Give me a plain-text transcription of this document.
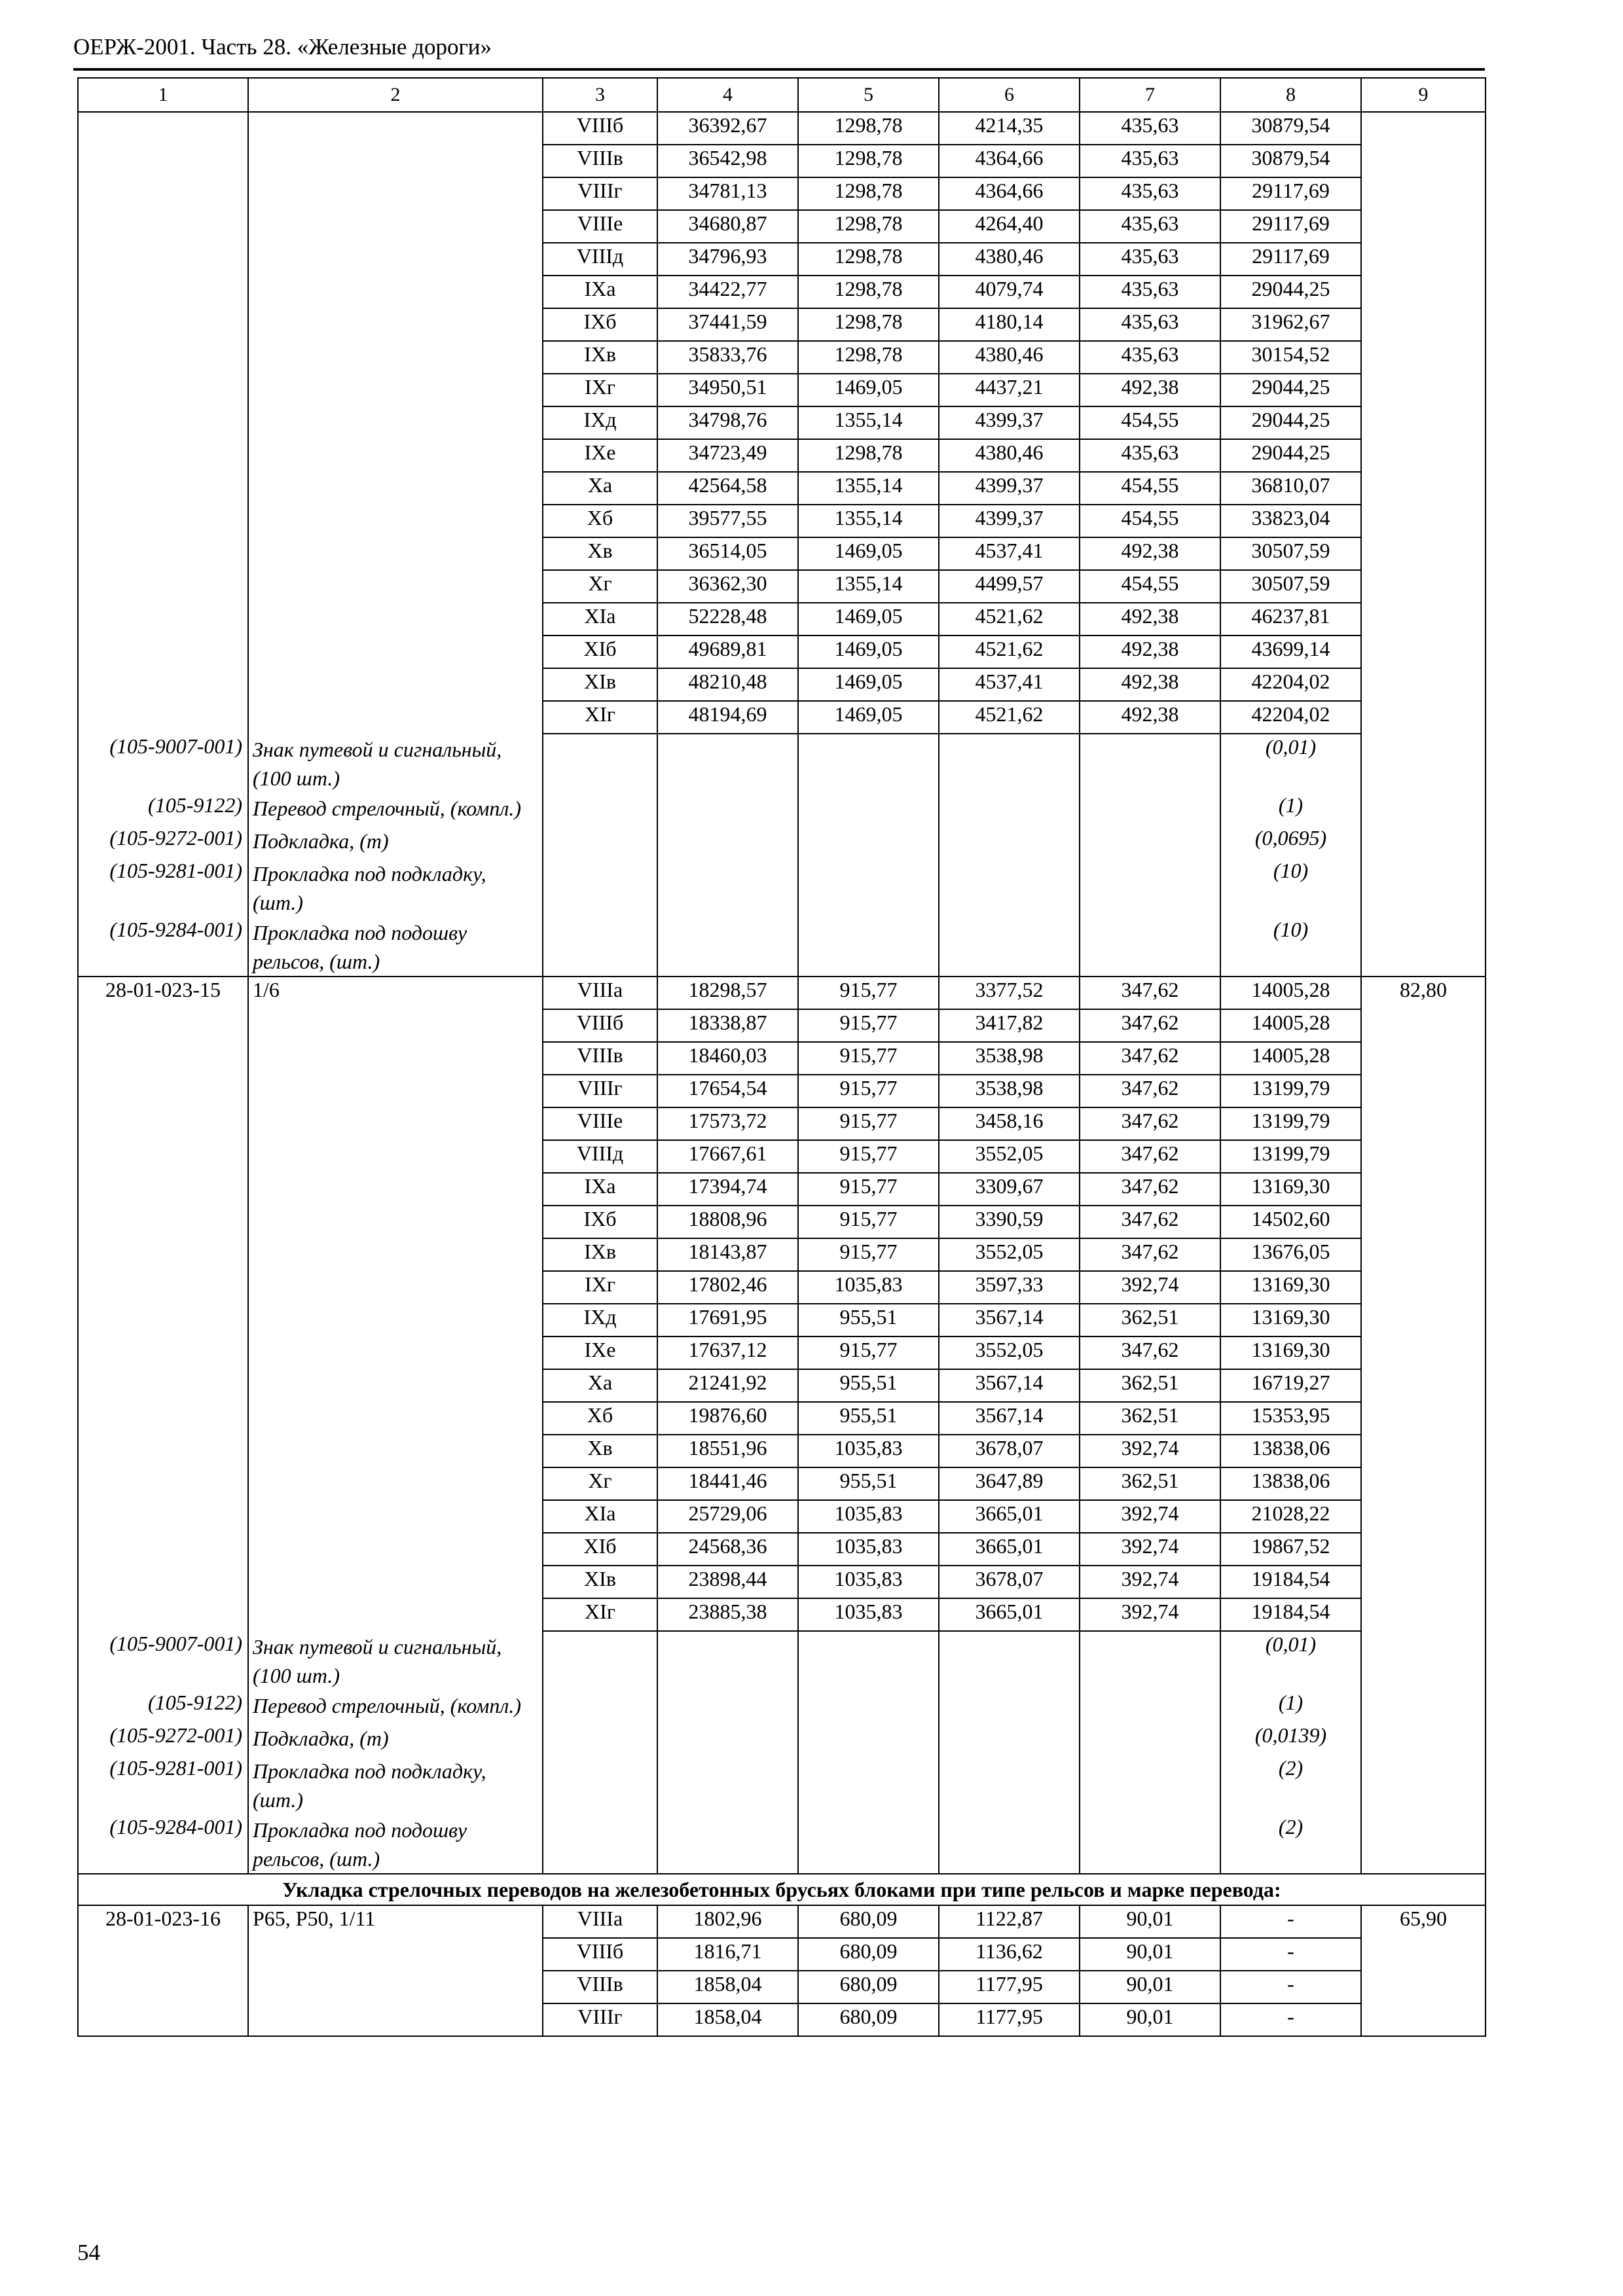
ОЕРЖ-2001. Часть 28. «Железные дороги»
1	2	3	4	5	6	7	8	9
		VIIIб	36392,67	1298,78	4214,35	435,63	30879,54	
		VIIIв	36542,98	1298,78	4364,66	435,63	30879,54	
		VIIIг	34781,13	1298,78	4364,66	435,63	29117,69	
		VIIIе	34680,87	1298,78	4264,40	435,63	29117,69	
		VIIIд	34796,93	1298,78	4380,46	435,63	29117,69	
		IXа	34422,77	1298,78	4079,74	435,63	29044,25	
		IXб	37441,59	1298,78	4180,14	435,63	31962,67	
		IXв	35833,76	1298,78	4380,46	435,63	30154,52	
		IXг	34950,51	1469,05	4437,21	492,38	29044,25	
		IXд	34798,76	1355,14	4399,37	454,55	29044,25	
		IXе	34723,49	1298,78	4380,46	435,63	29044,25	
		Xа	42564,58	1355,14	4399,37	454,55	36810,07	
		Xб	39577,55	1355,14	4399,37	454,55	33823,04	
		Xв	36514,05	1469,05	4537,41	492,38	30507,59	
		Xг	36362,30	1355,14	4499,57	454,55	30507,59	
		XIа	52228,48	1469,05	4521,62	492,38	46237,81	
		XIб	49689,81	1469,05	4521,62	492,38	43699,14	
		XIв	48210,48	1469,05	4537,41	492,38	42204,02	
		XIг	48194,69	1469,05	4521,62	492,38	42204,02	
(105-9007-001)	Знак путевой и сигнальный, (100 шт.)						(0,01)	
(105-9122)	Перевод стрелочный, (компл.)						(1)	
(105-9272-001)	Подкладка, (т)						(0,0695)	
(105-9281-001)	Прокладка под подкладку, (шт.)						(10)	
(105-9284-001)	Прокладка под подошву рельсов, (шт.)						(10)	
28-01-023-15	1/6	VIIIа	18298,57	915,77	3377,52	347,62	14005,28	82,80
		VIIIб	18338,87	915,77	3417,82	347,62	14005,28	
		VIIIв	18460,03	915,77	3538,98	347,62	14005,28	
		VIIIг	17654,54	915,77	3538,98	347,62	13199,79	
		VIIIе	17573,72	915,77	3458,16	347,62	13199,79	
		VIIIд	17667,61	915,77	3552,05	347,62	13199,79	
		IXа	17394,74	915,77	3309,67	347,62	13169,30	
		IXб	18808,96	915,77	3390,59	347,62	14502,60	
		IXв	18143,87	915,77	3552,05	347,62	13676,05	
		IXг	17802,46	1035,83	3597,33	392,74	13169,30	
		IXд	17691,95	955,51	3567,14	362,51	13169,30	
		IXе	17637,12	915,77	3552,05	347,62	13169,30	
		Xа	21241,92	955,51	3567,14	362,51	16719,27	
		Xб	19876,60	955,51	3567,14	362,51	15353,95	
		Xв	18551,96	1035,83	3678,07	392,74	13838,06	
		Xг	18441,46	955,51	3647,89	362,51	13838,06	
		XIа	25729,06	1035,83	3665,01	392,74	21028,22	
		XIб	24568,36	1035,83	3665,01	392,74	19867,52	
		XIв	23898,44	1035,83	3678,07	392,74	19184,54	
		XIг	23885,38	1035,83	3665,01	392,74	19184,54	
(105-9007-001)	Знак путевой и сигнальный, (100 шт.)						(0,01)	
(105-9122)	Перевод стрелочный, (компл.)						(1)	
(105-9272-001)	Подкладка, (т)						(0,0139)	
(105-9281-001)	Прокладка под подкладку, (шт.)						(2)	
(105-9284-001)	Прокладка под подошву рельсов, (шт.)						(2)	
Укладка стрелочных переводов на железобетонных брусьях блоками при типе рельсов и марке перевода:								
28-01-023-16	Р65, Р50, 1/11	VIIIа	1802,96	680,09	1122,87	90,01	-	65,90
		VIIIб	1816,71	680,09	1136,62	90,01	-	
		VIIIв	1858,04	680,09	1177,95	90,01	-	
		VIIIг	1858,04	680,09	1177,95	90,01	-	
54
